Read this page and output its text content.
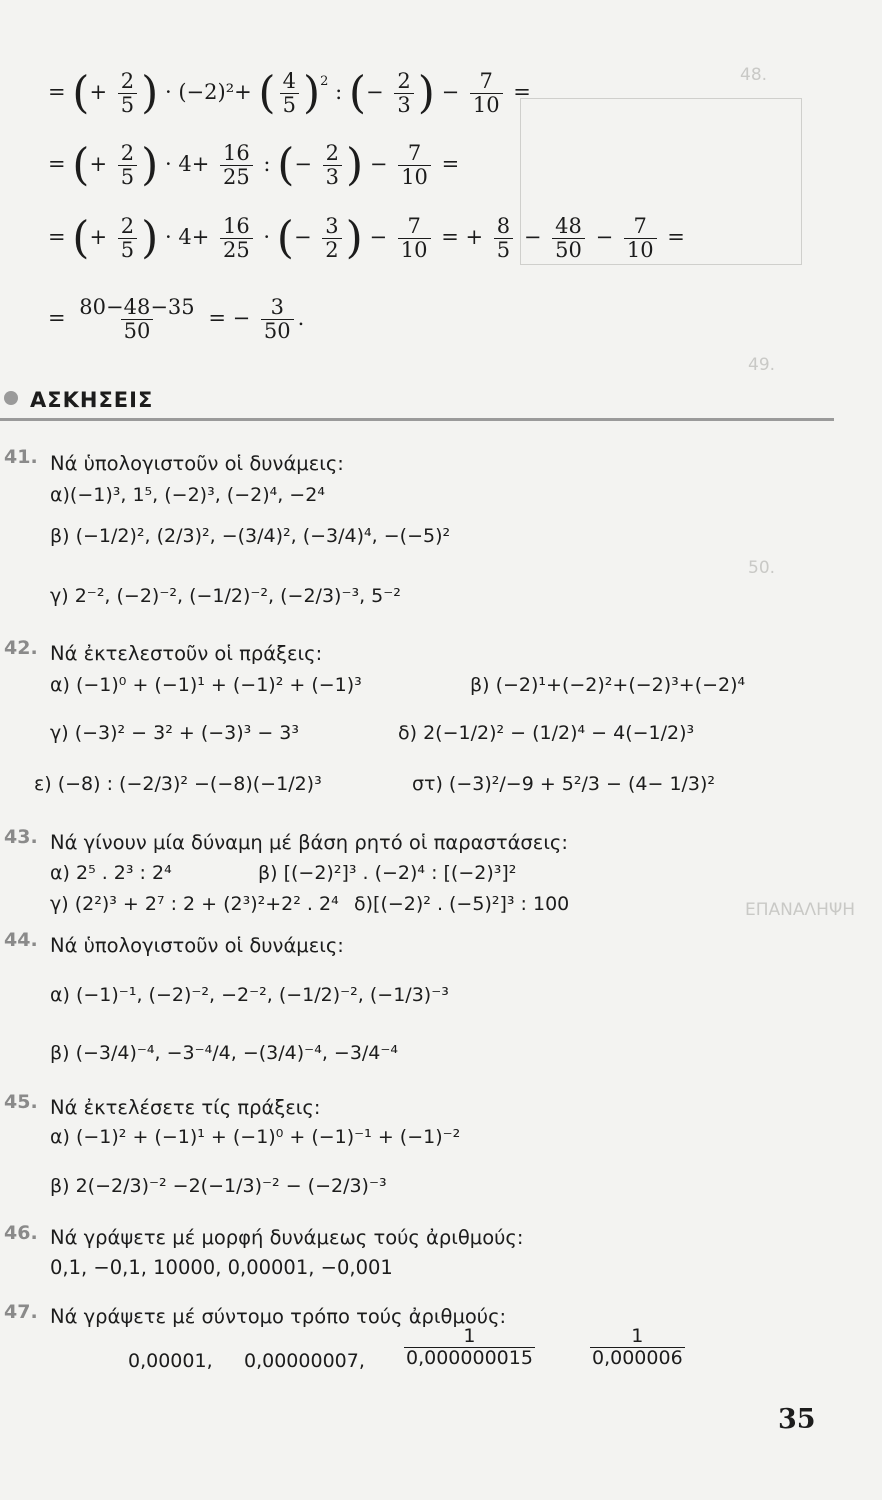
48.
49.
50.
ΕΠΑΝΑΛΗΨΗ
= (+ $\frac{2}{5}$ ) · (−2)²+ ( $\frac{4}{5} )^2$ : (− $\frac{2}{3}$ ) − $\frac{7}{10}$ =
= (+ $\frac{2}{5}$ ) · $4+ \frac{16}{25}$ : (− $\frac{2}{3}$ ) − $\frac{7}{10}$ =
= (+ $\frac{2}{5}$ ) · $4+ \frac{16}{25}$ · (− $\frac{3}{2}$ ) − $\frac{7}{10}$ = + $\frac{8}{5} - \frac{48}{50} - \frac{7}{10}$ =
= $\frac{80-48-35}{50}$ = − $\frac{3}{50}$ .
ΑΣΚΗΣΕΙΣ
41. Νά ὑπολογιστοῦν οἱ δυνάμεις:
α)(−1)³, 1⁵, (−2)³, (−2)⁴, −2⁴
β) (−1/2)², (2/3)², −(3/4)², (−3/4)⁴, −(−5)²
γ) 2⁻², (−2)⁻², (−1/2)⁻², (−2/3)⁻³, 5⁻²
42. Νά ἐκτελεστοῦν οἱ πράξεις:
α) (−1)⁰ + (−1)¹ + (−1)² + (−1)³	β) (−2)¹+(−2)²+(−2)³+(−2)⁴
γ) (−3)² − 3² + (−3)³ − 3³	δ) 2(−1/2)² − (1/2)⁴ − 4(−1/2)³
ε) (−8) : (−2/3)² −(−8)(−1/2)³	στ) (−3)²/−9 + 5²/3 − (4− 1/3)²
43. Νά γίνουν μία δύναμη μέ βάση ρητό οἱ παραστάσεις:
α) 2⁵ . 2³ : 2⁴	β) [(−2)²]³ . (−2)⁴ : [(−2)³]²
γ) (2²)³ + 2⁷ : 2 + (2³)²+2² . 2⁴ δ)[(−2)² . (−5)²]³ : 100
44. Νά ὑπολογιστοῦν οἱ δυνάμεις:
α) (−1)⁻¹, (−2)⁻², −2⁻², (−1/2)⁻², (−1/3)⁻³
β) (−3/4)⁻⁴, −3⁻⁴/4, −(3/4)⁻⁴, −3/4⁻⁴
45. Νά ἐκτελέσετε τίς πράξεις:
α) (−1)² + (−1)¹ + (−1)⁰ + (−1)⁻¹ + (−1)⁻²
β) 2(−2/3)⁻² −2(−1/3)⁻² − (−2/3)⁻³
46. Νά γράψετε μέ μορφή δυνάμεως τούς ἀριθμούς:
0,1, −0,1, 10000, 0,00001, −0,001
47. Νά γράψετε μέ σύντομο τρόπο τούς ἀριθμούς:
0,00001, 0,00000007, $\frac{1}{0,000000015}$	$\frac{1}{0,000006}$
35
